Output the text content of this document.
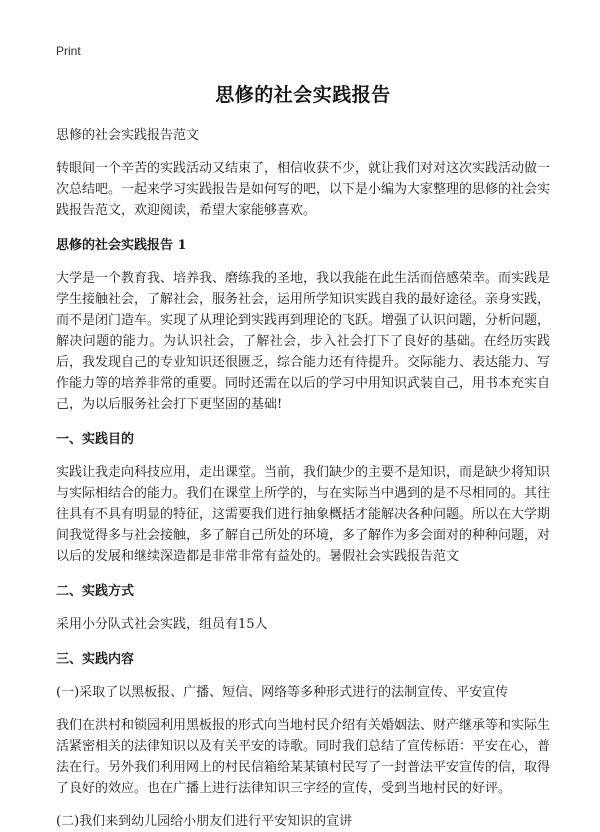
Print
思修的社会实践报告
思修的社会实践报告范文

转眼间一个辛苦的实践活动又结束了，相信收获不少，就让我们对对这次实践活动做一次总结吧。一起来学习实践报告是如何写的吧，以下是小编为大家整理的思修的社会实践报告范文，欢迎阅读，希望大家能够喜欢。

思修的社会实践报告 1

大学是一个教育我、培养我、磨练我的圣地，我以我能在此生活而倍感荣幸。而实践是学生接触社会，了解社会，服务社会，运用所学知识实践自我的最好途径。亲身实践，而不是闭门造车。实现了从理论到实践再到理论的飞跃。增强了认识问题，分析问题，解决问题的能力。为认识社会，了解社会，步入社会打下了良好的基础。在经历实践后，我发现自己的专业知识还很匮乏，综合能力还有待提升。交际能力、表达能力、写作能力等的培养非常的重要。同时还需在以后的学习中用知识武装自己，用书本充实自己，为以后服务社会打下更坚固的基础!

一、实践目的

实践让我走向科技应用，走出课堂。当前，我们缺少的主要不是知识，而是缺少将知识与实际相结合的能力。我们在课堂上所学的，与在实际当中遇到的是不尽相同的。其往往具有不具有明显的特征，这需要我们进行抽象概括才能解决各种问题。所以在大学期间我觉得多与社会接触，多了解自己所处的环境，多了解作为多会面对的种种问题，对以后的发展和继续深造都是非常非常有益处的。暑假社会实践报告范文

二、实践方式

采用小分队式社会实践，组员有15人

三、实践内容

(一)采取了以黑板报、广播、短信、网络等多种形式进行的法制宣传、平安宣传

我们在洪村和锁园利用黑板报的形式向当地村民介绍有关婚姻法、财产继承等和实际生活紧密相关的法律知识以及有关平安的诗歌。同时我们总结了宣传标语：平安在心，普法在行。另外我们利用网上的村民信箱给某某镇村民写了一封普法平安宣传的信，取得了良好的效应。也在广播上进行法律知识三字经的宣传，受到当地村民的好评。

(二)我们来到幼儿园给小朋友们进行平安知识的宣讲
